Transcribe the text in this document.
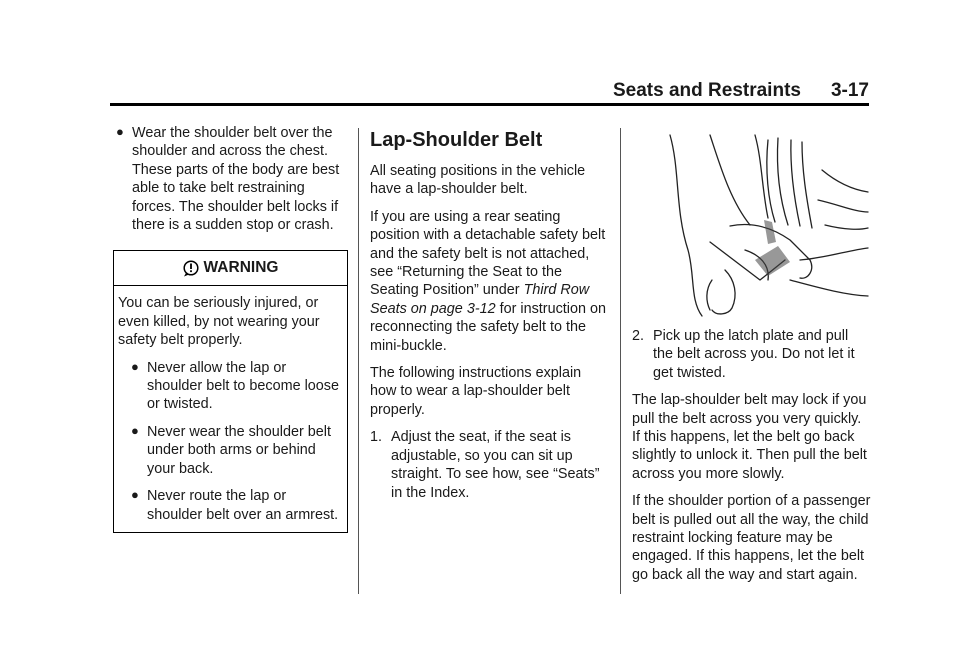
Seats and Restraints 3-17
● Wear the shoulder belt over the shoulder and across the chest. These parts of the body are best able to take belt restraining forces. The shoulder belt locks if there is a sudden stop or crash.
WARNING

You can be seriously injured, or even killed, by not wearing your safety belt properly.

● Never allow the lap or shoulder belt to become loose or twisted.
● Never wear the shoulder belt under both arms or behind your back.
● Never route the lap or shoulder belt over an armrest.
Lap-Shoulder Belt

All seating positions in the vehicle have a lap-shoulder belt.

If you are using a rear seating position with a detachable safety belt and the safety belt is not attached, see “Returning the Seat to the Seating Position” under Third Row Seats on page 3-12 for instruction on reconnecting the safety belt to the mini-buckle.

The following instructions explain how to wear a lap-shoulder belt properly.

1. Adjust the seat, if the seat is adjustable, so you can sit up straight. To see how, see “Seats” in the Index.
2. Pick up the latch plate and pull the belt across you. Do not let it get twisted.

The lap-shoulder belt may lock if you pull the belt across you very quickly. If this happens, let the belt go back slightly to unlock it. Then pull the belt across you more slowly.

If the shoulder portion of a passenger belt is pulled out all the way, the child restraint locking feature may be engaged. If this happens, let the belt go back all the way and start again.
